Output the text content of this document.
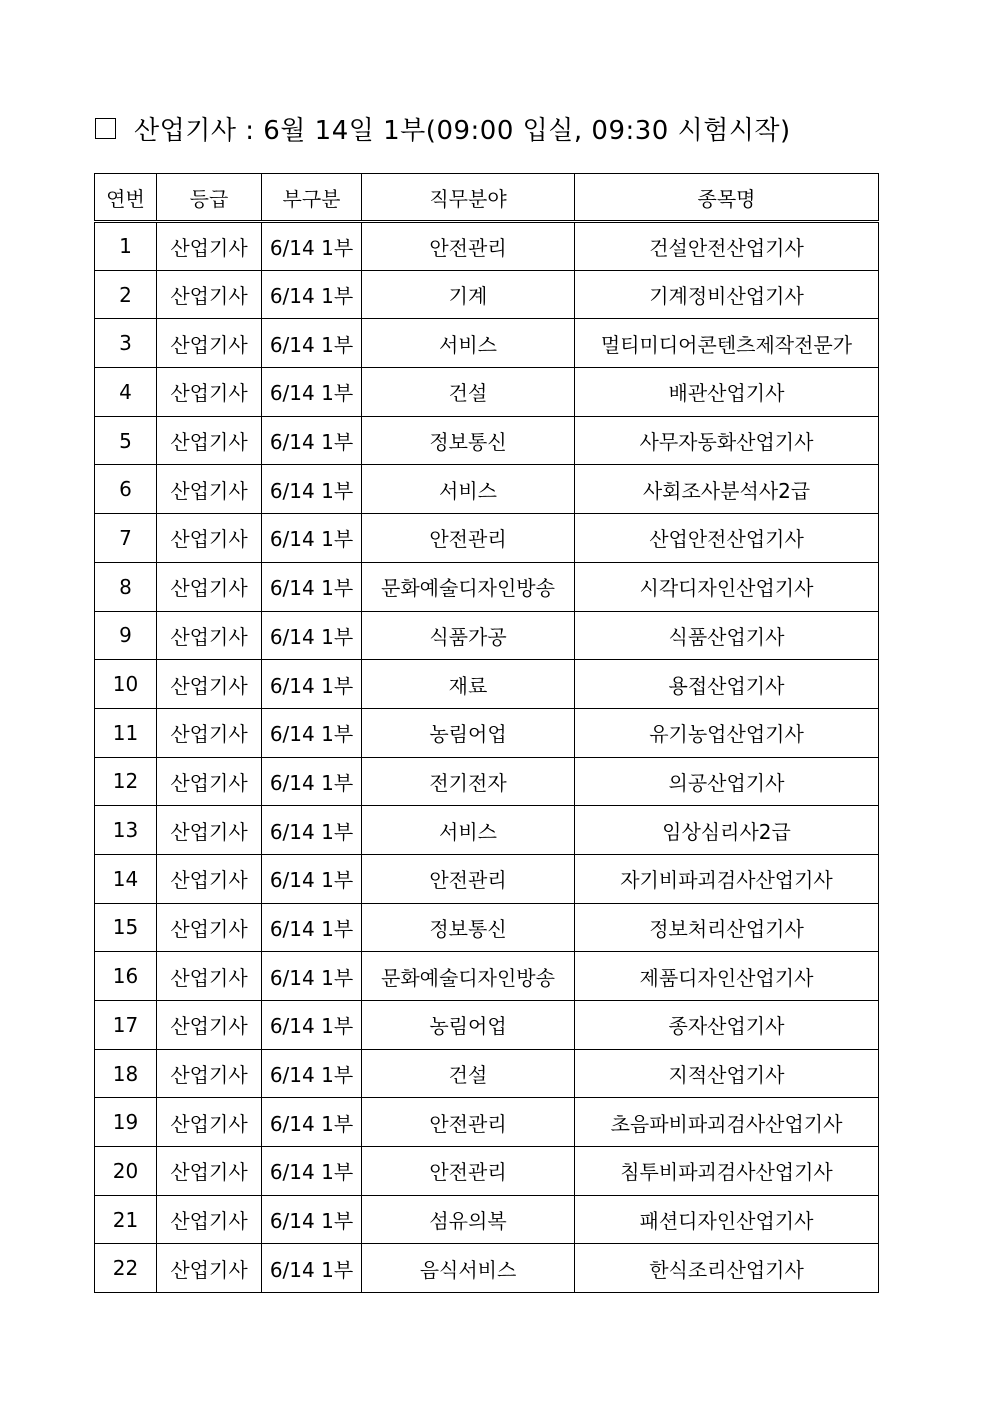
산업기사 : 6월 14일 1부(09:00 입실, 09:30 시험시작)
연번	등급	부구분	직무분야	종목명
1	산업기사	6/14 1부	안전관리	건설안전산업기사
2	산업기사	6/14 1부	기계	기계정비산업기사
3	산업기사	6/14 1부	서비스	멀티미디어콘텐츠제작전문가
4	산업기사	6/14 1부	건설	배관산업기사
5	산업기사	6/14 1부	정보통신	사무자동화산업기사
6	산업기사	6/14 1부	서비스	사회조사분석사2급
7	산업기사	6/14 1부	안전관리	산업안전산업기사
8	산업기사	6/14 1부	문화예술디자인방송	시각디자인산업기사
9	산업기사	6/14 1부	식품가공	식품산업기사
10	산업기사	6/14 1부	재료	용접산업기사
11	산업기사	6/14 1부	농림어업	유기농업산업기사
12	산업기사	6/14 1부	전기전자	의공산업기사
13	산업기사	6/14 1부	서비스	임상심리사2급
14	산업기사	6/14 1부	안전관리	자기비파괴검사산업기사
15	산업기사	6/14 1부	정보통신	정보처리산업기사
16	산업기사	6/14 1부	문화예술디자인방송	제품디자인산업기사
17	산업기사	6/14 1부	농림어업	종자산업기사
18	산업기사	6/14 1부	건설	지적산업기사
19	산업기사	6/14 1부	안전관리	초음파비파괴검사산업기사
20	산업기사	6/14 1부	안전관리	침투비파괴검사산업기사
21	산업기사	6/14 1부	섬유의복	패션디자인산업기사
22	산업기사	6/14 1부	음식서비스	한식조리산업기사
